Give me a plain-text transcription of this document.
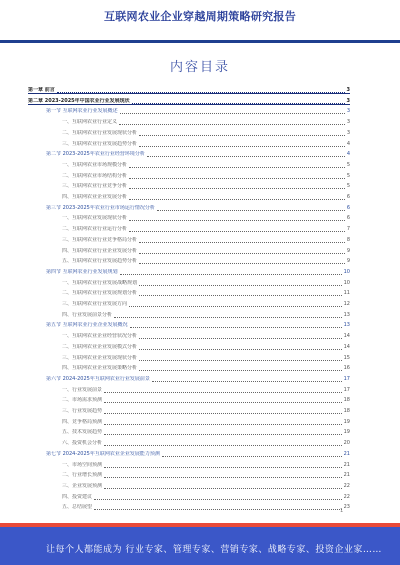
互联网农业企业穿越周期策略研究报告
内容目录
第一章 前言	3
第二章 2023-2025年中国农业行业发展现状	3
第一节 互联网农业行业发展概述	3
一、互联网农业行业定义	3
二、互联网农业行业发展现状分析	3
三、互联网农业行业发展趋势分析	4
第二节 2023-2025年农业行业经营环境分析	4
一、互联网农业市场规模分析	5
二、互联网农业市场结构分析	5
三、互联网农业行业竞争分析	5
四、互联网农业企业发展分析	6
第三节 2023-2025年农业行业市场运行情况分析	6
一、互联网农业发展现状分析	6
二、互联网农业行业运行分析	7
三、互联网农业行业竞争格局分析	8
四、互联网农业行业企业发展分析	9
五、互联网农业行业发展趋势分析	9
第四节 互联网农业行业发展规划	10
一、互联网农业行业发展战略规划	10
二、互联网农业行业发展规划分析	11
三、互联网农业行业发展方向	12
四、行业发展前景分析	13
第五节 互联网农业行业企业发展概况	13
一、互联网农业企业经营状况分析	14
二、互联网农业企业发展模式分析	14
三、互联网农业企业发展现状分析	15
四、互联网农业企业发展策略分析	16
第六节 2024-2025年互联网农业行业发展前景	17
一、行业发展前景	17
二、市场需求预测	18
三、行业发展趋势	18
四、竞争格局预测	19
五、技术发展趋势	19
六、投资机会分析	20
第七节 2024-2025年互联网农业企业发展能力预测	21
一、市场空间预测	21
二、行业增长预测	21
三、企业发展预测	22
四、投资建议	22
五、总结展望	23
1
让每个人都能成为 行业专家、管理专家、营销专家、战略专家、投资企业家……
